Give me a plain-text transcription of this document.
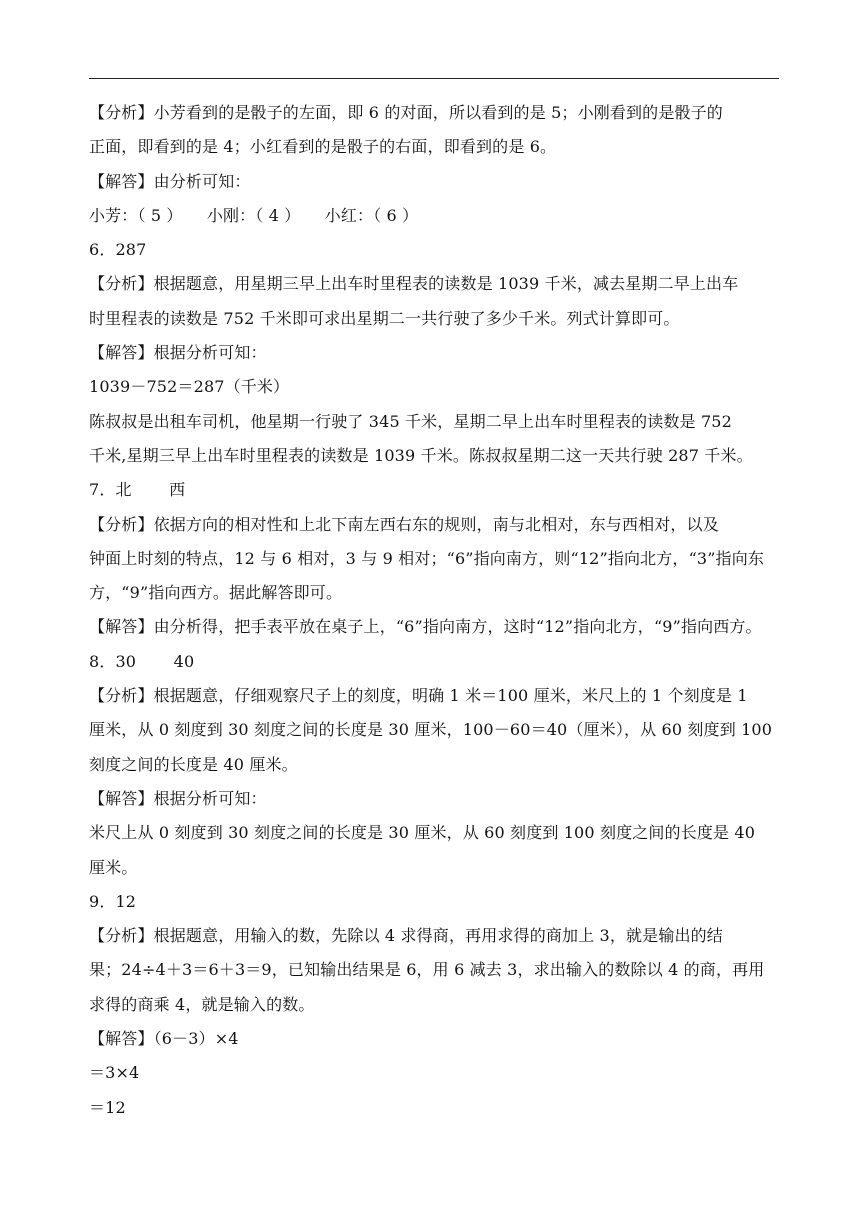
【分析】小芳看到的是骰子的左面，即 6 的对面，所以看到的是 5；小刚看到的是骰子的
正面，即看到的是 4；小红看到的是骰子的右面，即看到的是 6。
【解答】由分析可知：
小芳：（ 5 ）　　小刚：（ 4 ）　　小红：（ 6 ）
6．287
【分析】根据题意，用星期三早上出车时里程表的读数是 1039 千米，减去星期二早上出车
时里程表的读数是 752 千米即可求出星期二一共行驶了多少千米。列式计算即可。
【解答】根据分析可知：
1039－752＝287（千米）
陈叔叔是出租车司机，他星期一行驶了 345 千米，星期二早上出车时里程表的读数是 752
千米,星期三早上出车时里程表的读数是 1039 千米。陈叔叔星期二这一天共行驶 287 千米。
7．北　　 西
【分析】依据方向的相对性和上北下南左西右东的规则，南与北相对，东与西相对，以及
钟面上时刻的特点，12 与 6 相对，3 与 9 相对；“6”指向南方，则“12”指向北方，“3”指向东
方，“9”指向西方。据此解答即可。
【解答】由分析得，把手表平放在桌子上，“6”指向南方，这时“12”指向北方，“9”指向西方。
8．30　　 40
【分析】根据题意，仔细观察尺子上的刻度，明确 1 米＝100 厘米，米尺上的 1 个刻度是 1
厘米，从 0 刻度到 30 刻度之间的长度是 30 厘米，100－60＝40（厘米），从 60 刻度到 100
刻度之间的长度是 40 厘米。
【解答】根据分析可知：
米尺上从 0 刻度到 30 刻度之间的长度是 30 厘米，从 60 刻度到 100 刻度之间的长度是 40
厘米。
9．12
【分析】根据题意，用输入的数，先除以 4 求得商，再用求得的商加上 3，就是输出的结
果；24÷4＋3＝6＋3＝9，已知输出结果是 6，用 6 减去 3，求出输入的数除以 4 的商，再用
求得的商乘 4，就是输入的数。
【解答】（6－3）×4
＝3×4
＝12
